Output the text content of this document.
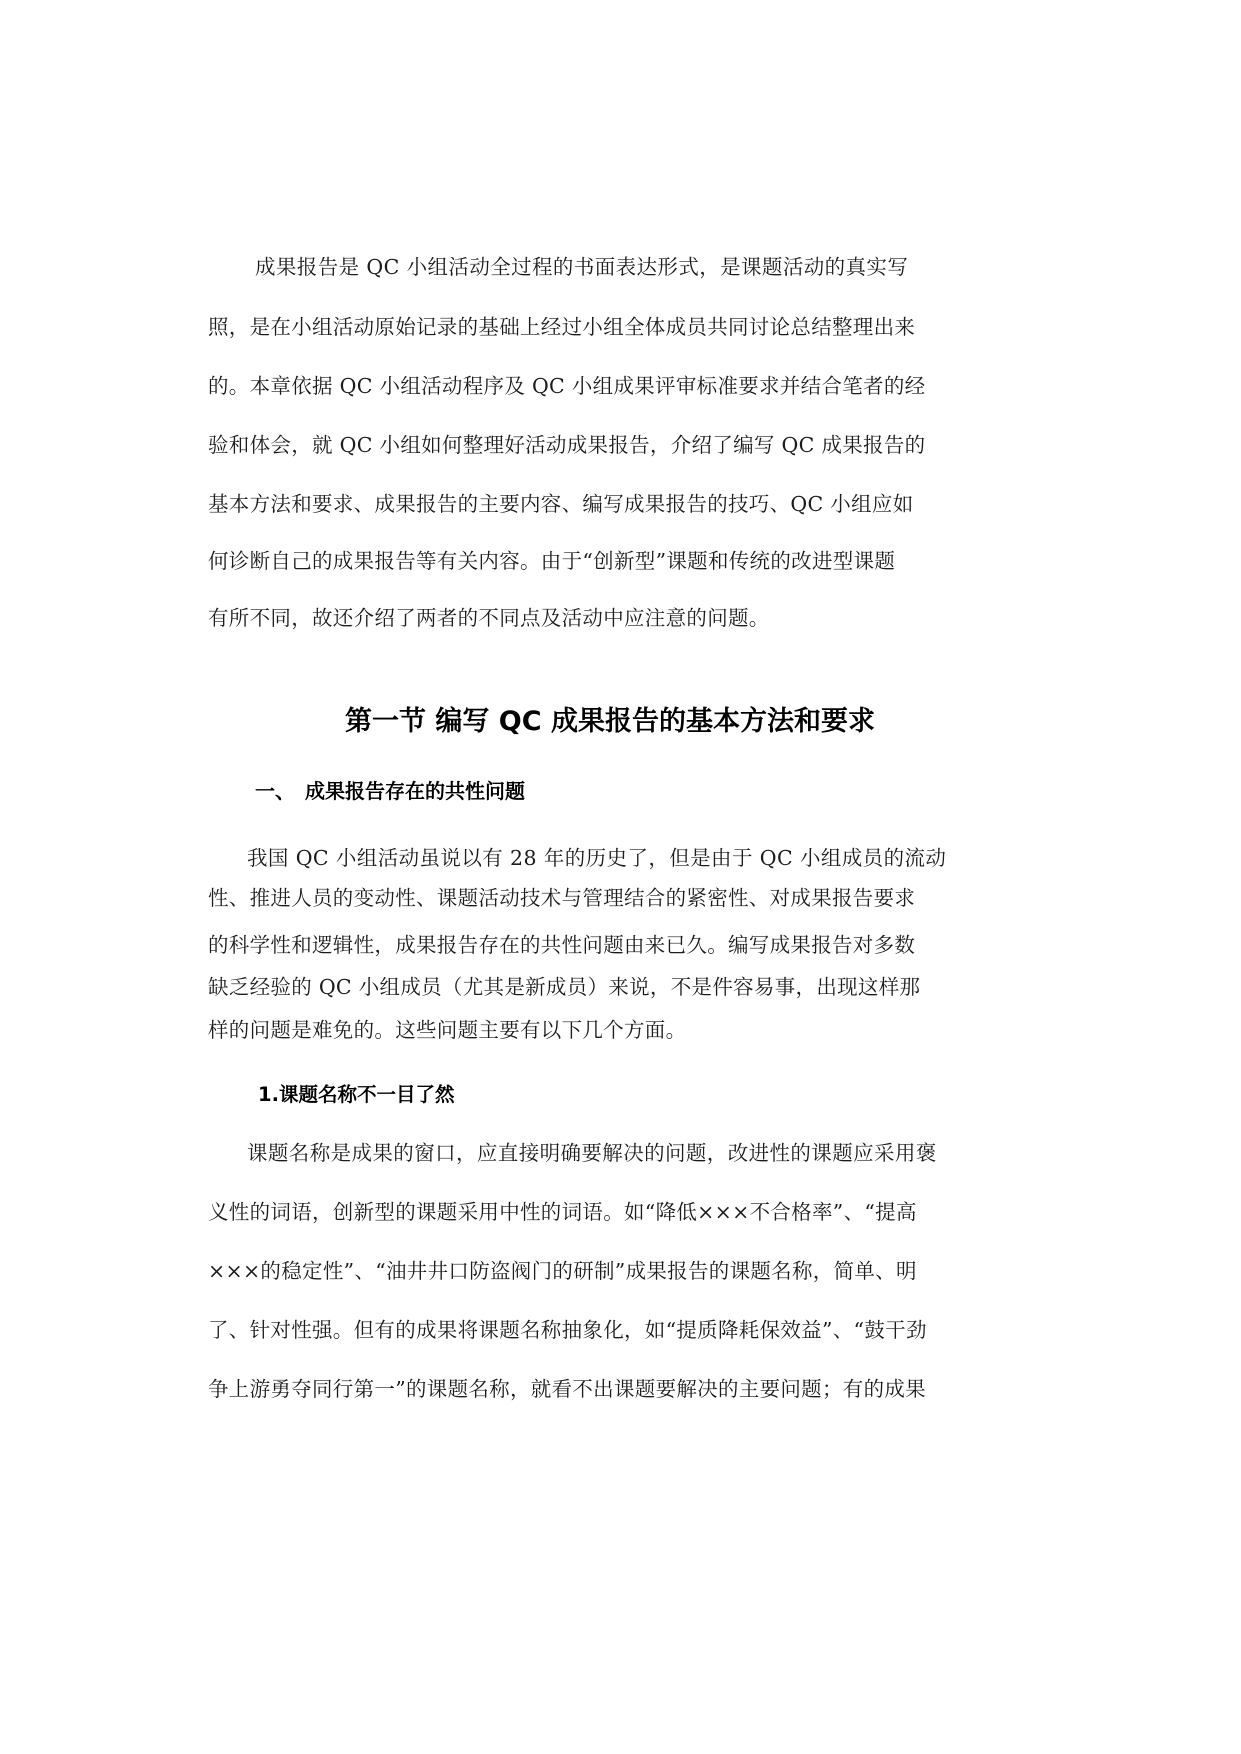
成果报告是 QC 小组活动全过程的书面表达形式，是课题活动的真实写
照，是在小组活动原始记录的基础上经过小组全体成员共同讨论总结整理出来
的。本章依据 QC 小组活动程序及 QC 小组成果评审标准要求并结合笔者的经
验和体会，就 QC 小组如何整理好活动成果报告，介绍了编写 QC 成果报告的
基本方法和要求、成果报告的主要内容、编写成果报告的技巧、QC 小组应如
何诊断自己的成果报告等有关内容。由于“创新型”课题和传统的改进型课题
有所不同，故还介绍了两者的不同点及活动中应注意的问题。
第一节 编写 QC 成果报告的基本方法和要求
一、 成果报告存在的共性问题
我国 QC 小组活动虽说以有 28 年的历史了，但是由于 QC 小组成员的流动
性、推进人员的变动性、课题活动技术与管理结合的紧密性、对成果报告要求
的科学性和逻辑性，成果报告存在的共性问题由来已久。编写成果报告对多数
缺乏经验的 QC 小组成员（尤其是新成员）来说，不是件容易事，出现这样那
样的问题是难免的。这些问题主要有以下几个方面。
1.课题名称不一目了然
课题名称是成果的窗口，应直接明确要解决的问题，改进性的课题应采用褒
义性的词语，创新型的课题采用中性的词语。如“降低×××不合格率”、“提高
×××的稳定性”、“油井井口防盗阀门的研制”成果报告的课题名称，简单、明
了、针对性强。但有的成果将课题名称抽象化，如“提质降耗保效益”、“鼓干劲
争上游勇夺同行第一”的课题名称，就看不出课题要解决的主要问题；有的成果
